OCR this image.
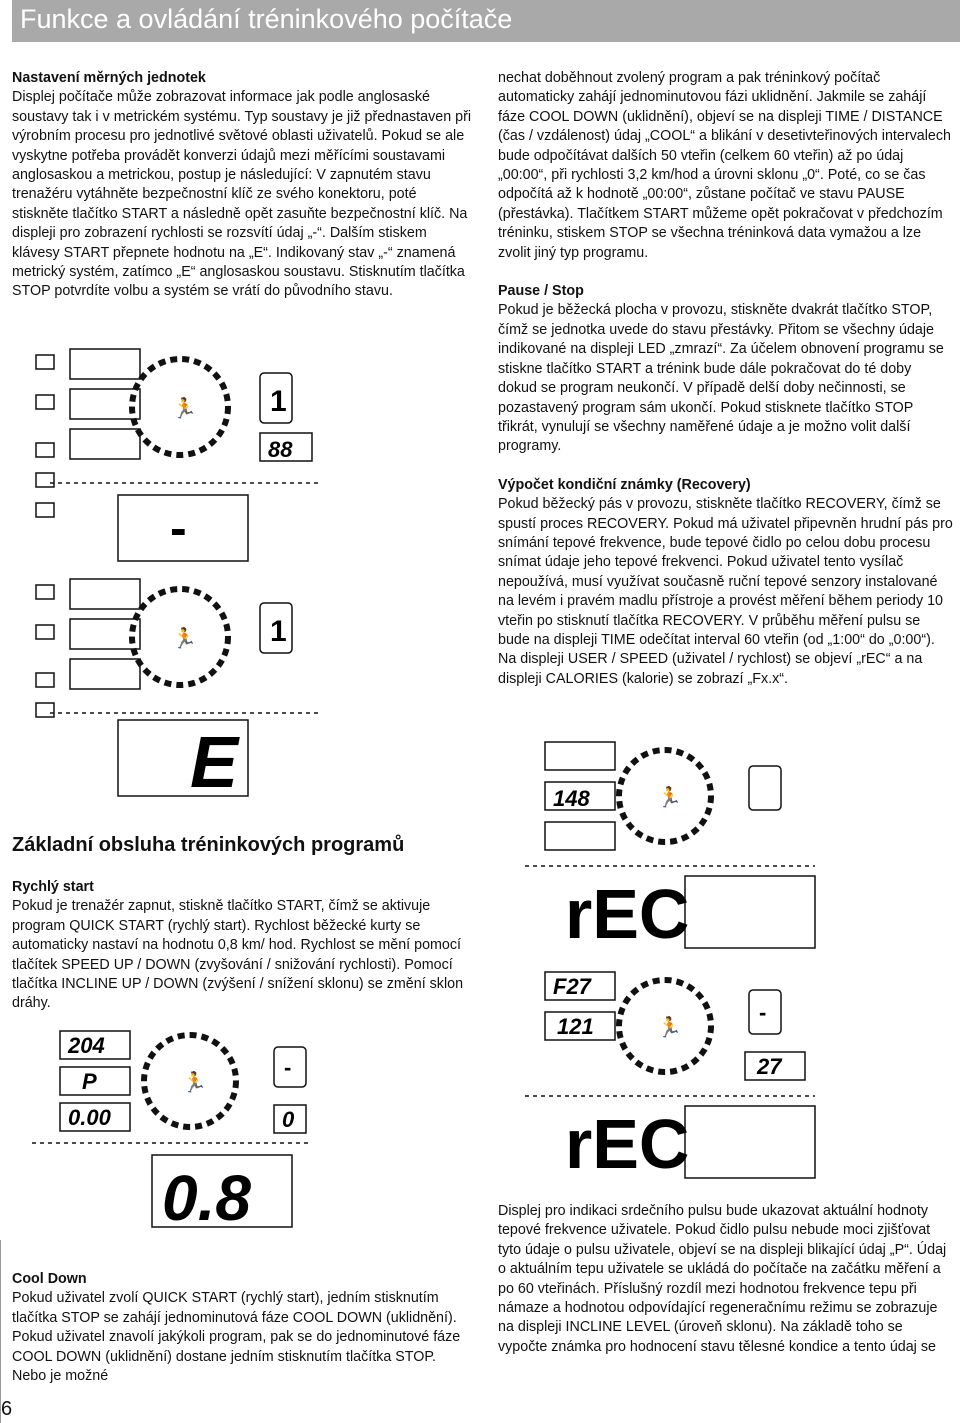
Funkce a ovládání tréninkového počítače

Nastavení měrných jednotek

Displej počítače může zobrazovat informace jak podle anglosaské soustavy tak i v metrickém systému. Typ soustavy je již přednastaven při výrobním procesu pro jednotlivé světové oblasti uživatelů. Pokud se ale vyskytne potřeba provádět konverzi údajů mezi měřícími soustavami anglosaskou a metrickou, postup je následující: V zapnutém stavu trenažéru vytáhněte bezpečnostní klíč ze svého konektoru, poté stiskněte tlačítko START a následně opět zasuňte bezpečnostní klíč. Na displeji pro zobrazení rychlosti se rozsvítí údaj „-“. Dalším stiskem klávesy START přepnete hodnotu na „E“. Indikovaný stav „-“ znamená metrický systém, zatímco „E“ anglosaskou soustavu. Stisknutím tlačítka STOP potvrdíte volbu a systém se vrátí do původního stavu.

🏃 1
88
-
🏃 1
E
Základní obsluha tréninkových programů

Rychlý start

Pokud je trenažér zapnut, stiskně tlačítko START, čímž se aktivuje program QUICK START (rychlý start). Rychlost běžecké kurty se automaticky nastaví na hodnotu 0,8 km/ hod. Rychlost se mění pomocí tlačítek SPEED UP / DOWN (zvyšování / snižování rychlosti). Pomocí tlačítka INCLINE UP / DOWN (zvýšení / snížení sklonu) se změní sklon dráhy.

🏃
204
P
0.00
-
0
0.8

Cool Down

Pokud uživatel zvolí QUICK START (rychlý start), jedním stisknutím tlačítka STOP se zahájí jednominutová fáze COOL DOWN (uklidnění). Pokud uživatel znavolí jakýkoli program, pak se do jednominutové fáze COOL DOWN (uklidnění) dostane jedním stisknutím tlačítka STOP. Nebo je možné

nechat doběhnout zvolený program a pak tréninkový počítač automaticky zahájí jednominutovou fázi uklidnění. Jakmile se zahájí fáze COOL DOWN (uklidnění), objeví se na displeji TIME / DISTANCE (čas / vzdálenost) údaj „COOL“ a blikání v desetivteřinových intervalech bude odpočítávat dalších 50 vteřin (celkem 60 vteřin) až po údaj „00:00“, při rychlosti 3,2 km/hod a úrovni sklonu „0“. Poté, co se čas odpočítá až k hodnotě „00:00“, zůstane počítač ve stavu PAUSE (přestávka). Tlačítkem START můžeme opět pokračovat v předchozím tréninku, stiskem STOP se všechna tréninková data vymažou a lze zvolit jiný typ programu.

Pause / Stop

Pokud je běžecká plocha v provozu, stiskněte dvakrát tlačítko STOP, čímž se jednotka uvede do stavu přestávky. Přitom se všechny údaje indikované na displeji LED „zmrazí“. Za účelem obnovení programu se stiskne tlačítko START a trénink bude dále pokračovat do té doby dokud se program neukončí. V případě delší doby nečinnosti, se pozastavený program sám ukončí. Pokud stisknete tlačítko STOP třikrát, vynulují se všechny naměřené údaje a je možno volit další programy.

Výpočet kondiční známky (Recovery)

Pokud běžecký pás v provozu, stiskněte tlačítko RECOVERY, čímž se spustí proces RECOVERY. Pokud má uživatel připevněn hrudní pás pro snímání tepové frekvence, bude tepové čidlo po celou dobu procesu snímat údaje jeho tepové frekvenci. Pokud uživatel tento vysílač nepoužívá, musí využívat současně ruční tepové senzory instalované na levém i pravém madlu přístroje a provést měření během periody 10 vteřin po stisknutí tlačítka RECOVERY. V průběhu měření pulsu se bude na displeji TIME odečítat interval 60 vteřin (od „1:00“ do „0:00“). Na displeji USER / SPEED (uživatel / rychlost) se objeví „rEC“ a na displeji CALORIES (kalorie) se zobrazí „Fx.x“.

🏃
148
rEC
🏃
F27
121
-
27
rEC

Displej pro indikaci srdečního pulsu bude ukazovat aktuální hodnoty tepové frekvence uživatele. Pokud čidlo pulsu nebude moci zjišťovat tyto údaje o pulsu uživatele, objeví se na displeji blikající údaj „P“. Údaj o aktuálním tepu uživatele se ukládá do počítače na začátku měření a po 60 vteřinách. Příslušný rozdíl mezi hodnotou frekvence tepu při námaze a hodnotou odpovídající regeneračnímu režimu se zobrazuje na displeji INCLINE LEVEL (úroveň sklonu). Na základě toho se vypočte známka pro hodnocení stavu tělesné kondice a tento údaj se

6
